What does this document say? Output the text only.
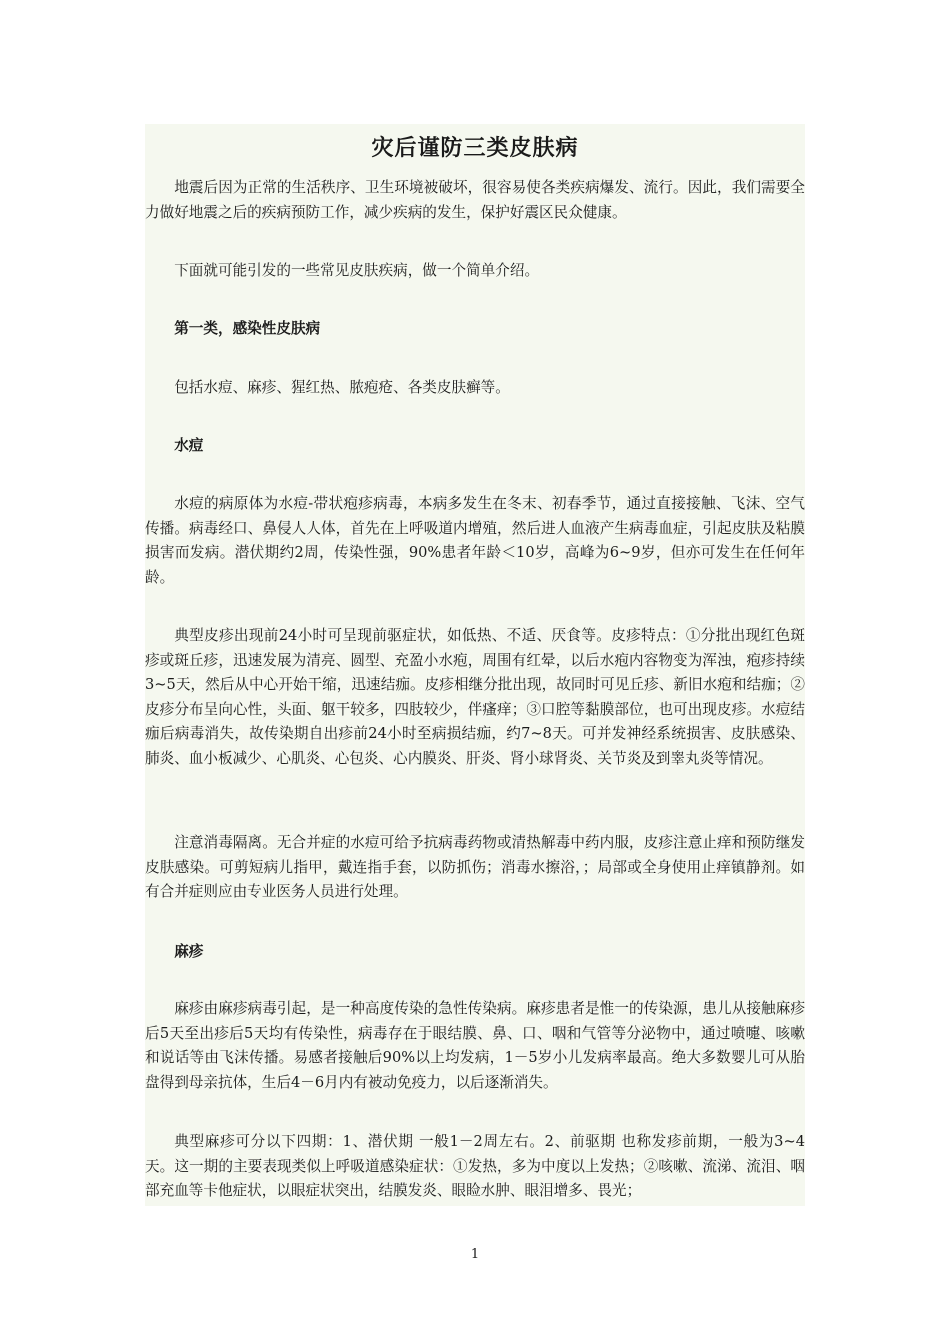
灾后谨防三类皮肤病

地震后因为正常的生活秩序、卫生环境被破坏，很容易使各类疾病爆发、流行。因此，我们需要全力做好地震之后的疾病预防工作，减少疾病的发生，保护好震区民众健康。

下面就可能引发的一些常见皮肤疾病，做一个简单介绍。

第一类，感染性皮肤病

包括水痘、麻疹、猩红热、脓疱疮、各类皮肤癣等。

水痘

水痘的病原体为水痘-带状疱疹病毒，本病多发生在冬末、初春季节，通过直接接触、飞沫、空气传播。病毒经口、鼻侵人人体，首先在上呼吸道内增殖，然后进人血液产生病毒血症，引起皮肤及粘膜损害而发病。潜伏期约2周，传染性强，90%患者年龄＜10岁，高峰为6~9岁，但亦可发生在任何年龄。

典型皮疹出现前24小时可呈现前驱症状，如低热、不适、厌食等。皮疹特点：①分批出现红色斑疹或斑丘疹，迅速发展为清亮、圆型、充盈小水疱，周围有红晕，以后水疱内容物变为浑浊，疱疹持续3~5天，然后从中心开始干缩，迅速结痂。皮疹相继分批出现，故同时可见丘疹、新旧水疱和结痂；②皮疹分布呈向心性，头面、躯干较多，四肢较少，伴瘙痒；③口腔等黏膜部位，也可出现皮疹。水痘结痂后病毒消失，故传染期自出疹前24小时至病损结痂，约7~8天。可并发神经系统损害、皮肤感染、肺炎、血小板减少、心肌炎、心包炎、心内膜炎、肝炎、肾小球肾炎、关节炎及到睾丸炎等情况。

注意消毒隔离。无合并症的水痘可给予抗病毒药物或清热解毒中药内服，皮疹注意止痒和预防继发皮肤感染。可剪短病儿指甲，戴连指手套，以防抓伤；消毒水擦浴，；局部或全身使用止痒镇静剂。如有合并症则应由专业医务人员进行处理。

麻疹

麻疹由麻疹病毒引起，是一种高度传染的急性传染病。麻疹患者是惟一的传染源，患儿从接触麻疹后5天至出疹后5天均有传染性，病毒存在于眼结膜、鼻、口、咽和气管等分泌物中，通过喷嚏、咳嗽和说话等由飞沫传播。易感者接触后90%以上均发病，1－5岁小儿发病率最高。绝大多数婴儿可从胎盘得到母亲抗体，生后4－6月内有被动免疫力，以后逐渐消失。

典型麻疹可分以下四期：1、潜伏期 一般1－2周左右。2、前驱期 也称发疹前期，一般为3~4天。这一期的主要表现类似上呼吸道感染症状：①发热，多为中度以上发热；②咳嗽、流涕、流泪、咽部充血等卡他症状，以眼症状突出，结膜发炎、眼睑水肿、眼泪增多、畏光；

1
